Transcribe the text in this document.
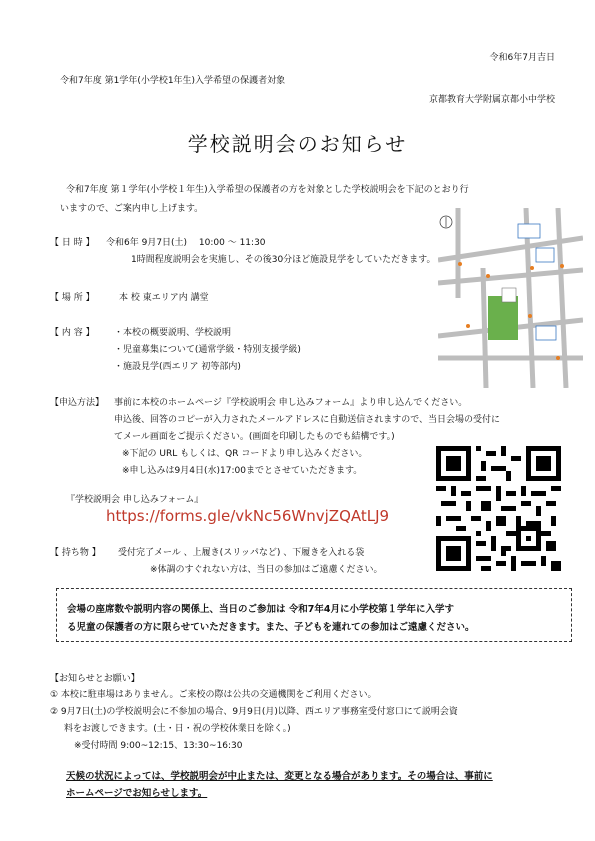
令和6年7月吉日
令和7年度 第1学年(小学校1年生)入学希望の保護者対象
京都教育大学附属京都小中学校
学校説明会のお知らせ
令和7年度 第１学年(小学校１年生)入学希望の保護者の方を対象とした学校説明会を下記のとおり行
いますので、ご案内申し上げます。
【 日 時 】 令和6年 9月7日(土)　 10:00 ～ 11:30
1時間程度説明会を実施し、その後30分ほど施設見学をしていただきます。
【 場 所 】	本 校 東エリア内 講堂
【 内 容 】 ・本校の概要説明、学校説明
・児童募集について(通常学級・特別支援学級)
・施設見学(西エリア 初等部内)
【申込方法】 事前に本校のホームページ『学校説明会 申し込みフォーム』より申し込んでください。
申込後、回答のコピーが入力されたメールアドレスに自動送信されますので、当日会場の受付に
てメール画面をご提示ください。(画面を印刷したものでも結構です。)
※下記の URL もしくは、QR コードより申し込みください。
※申し込みは9月4日(水)17:00までとさせていただきます。
『学校説明会 申し込みフォーム』
https://forms.gle/vkNc56WnvjZQAtLJ9
【 持ち物 】 受付完了メール 、上履き(スリッパなど) 、下履きを入れる袋
※体調のすぐれない方は、当日の参加はご遠慮ください。
会場の座席数や説明内容の関係上、当日のご参加は 令和7年4月に小学校第１学年に入学す
る児童の保護者の方に限らせていただきます。また、子どもを連れての参加はご遠慮ください。
【お知らせとお願い】
① 本校に駐車場はありません。ご来校の際は公共の交通機関をご利用ください。
② 9月7日(土)の学校説明会に不参加の場合、9月9日(月)以降、西エリア事務室受付窓口にて説明会資
料をお渡しできます。(土・日・祝の学校休業日を除く。)
※受付時間 9:00~12:15、13:30~16:30
天候の状況によっては、学校説明会が中止または、変更となる場合があります。その場合は、事前に
ホームページでお知らせします。
